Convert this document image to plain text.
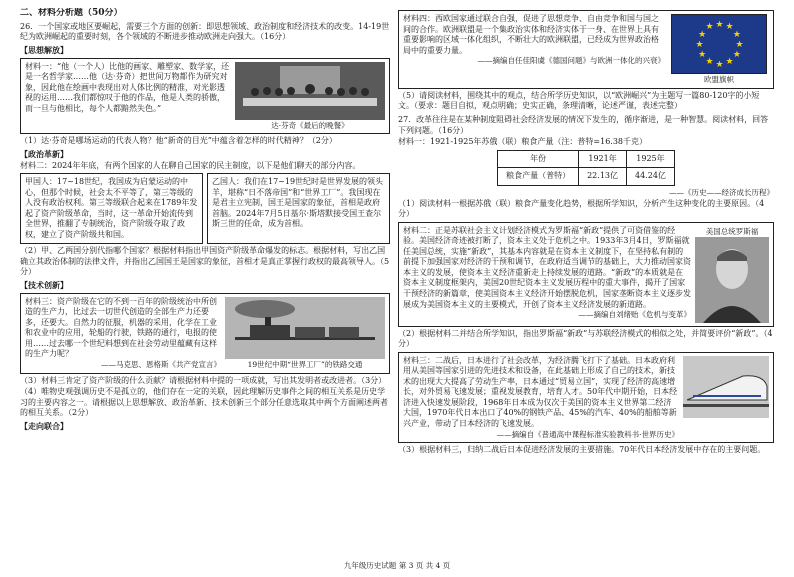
二、材料分析题（50分）

26．一个国家或地区要崛起，需要三个方面的创新：即思想领域、政治制度和经济技术的改变。14-19世纪为欧洲崛起的重要时刻，各个领域的不断进步推动欧洲走向强大。（16分）

【思想解放】
材料一：“他（一个人）比他的画家、雕塑家、数学家，还是一名哲学家……他（达·芬奇）把世间万物都作为研究对象，因此他在绘画中表现出对人体比例的精准，对光影透视的运用……我们都惊叹于他的作品，他是人类的骄傲，而一旦与他相比，每个人都黯然失色。”
达·芬奇《最后的晚餐》

（1）达·芬奇是哪场运动的代表人物？他“新奇的目光”中蕴含着怎样的时代精神？（2分）

【政治革新】

材料二：2024年年底，有两个国家的人在聊自己国家的民主制度，以下是他们聊天的部分内容。

甲国人：17~18世纪，我国成为启蒙运动的中心，但那个时候，社会太不平等了，第三等级的人没有政治权利。第三等级联合起来在1789年发起了资产阶级革命，当时，这一革命开始流传到全世界，推翻了专制统治，资产阶级夺取了政权，建立了资产阶级共和国。
乙国人：我们在17~19世纪时是世界发展的领头羊，堪称“日不落帝国”和“世界工厂”。我国现在是君主立宪制，国王是国家的象征，首相是政府首脑。2024年7月5日基尔·斯塔默接受国王查尔斯三世的任命，成为首相。

（2）甲、乙两国分别代指哪个国家？根据材料指出甲国资产阶级革命爆发的标志。根据材料，写出乙国确立其政治体制的法律文件，并指出乙国国王是国家的象征，首相才是真正掌握行政权的最高领导人。（5分）

【技术创新】
材料三：资产阶级在它的不到一百年的阶级统治中所创造的生产力，比过去一切世代创造的全部生产力还要多，还要大。自然力的征服，机器的采用，化学在工业和农业中的应用，轮船的行驶，铁路的通行，电报的使用……过去哪一个世纪料想到在社会劳动里蕴藏有这样的生产力呢？
——马克思、恩格斯《共产党宣言》	19世纪中期“世界工厂”的铁路交通

（3）材料三肯定了资产阶级的什么贡献？请根据材料中提的一项成就，写出其发明者或改进者。（3分）

（4）唯物史观强调历史不是孤立的，他们存在一定的关联，因此理解历史事件之间的相互关系是历史学习的主要内容之一。请根据以上思想解放、政治革新、技术创新三个部分任意选取其中两个方面阐述两者的相互关系。（2分）

【走向联合】
材料四：西欧国家通过联合自强，促进了思想竞争、自由竞争和国与国之间的合作。欧洲联盟是一个集政治实体和经济实体于一身、在世界上具有重要影响的区域一体化组织，不断壮大的欧洲联盟，已经成为世界政治格局中的重要力量。
——摘编自任佳阳虞《德国问题》与欧洲一体化的兴衰》
★ ★
★
★
★
★
★
★
★
★
★
★
欧盟旗帜

（5）请阅读材料，围绕其中的观点，结合所学历史知识，以“欧洲崛兴”为主题写一篇80-120字的小短文。（要求：题目自拟，观点明确；史实正确，条理清晰，论述严谨，表述完整）

27．改革往往是在某种制度阻碍社会经济发展的情况下发生的，循序渐进，是一种智慧。阅读材料，回答下列问题。（16分）

材料一：1921-1925年苏俄（联）粮食产量（注：普特=16.38千克）

年份	1921年	1925年
粮食产量（普特）	22.13亿	44.24亿
——《历史——经济成长历程》

（1）阅读材料一根据苏俄（联）粮食产量变化趋势，根据所学知识，分析产生这种变化的主要原因。（4分）

材料二：正是苏联社会主义计划经济模式为罗斯福“新政”提供了可资借鉴的经验。美国经济奇迹被打断了，资本主义处于危机之中。1933年3月4日，罗斯福就任美国总统，实施“新政”，其基本内容就是在资本主义制度下，在坚持私有制的前提下加强国家对经济的干预和调节，在政府适当调节的基础上，大力推动国家资本主义的发展，使资本主义经济重新走上持续发展的道路。“新政”的本质就是在资本主义制度框架内，美国20世纪资本主义发展历程中的重大事件，揭开了国家干预经济的新篇章，使美国资本主义经济开始摆脱危机，国家垄断资本主义逐步发展成为美国资本主义的主要模式，开创了资本主义经济发展的新道路。
——摘编自刘绪贻《危机与变革》
美国总统罗斯福

（2）根据材料二并结合所学知识，指出罗斯福“新政”与苏联经济模式的相似之处，并简要评价“新政”。（4分）

材料三：二战后，日本进行了社会改革，为经济腾飞打下了基础。日本政府利用从美国等国家引进的先进技术和设备，在此基础上形成了自己的技术，新技术的出现大大提高了劳动生产率，日本通过“贸易立国”，实现了经济的高速增长，对外贸易飞速发展；重视发展教育，培育人才。50年代中期开始，日本经济进入快速发展阶段，1968年日本成为仅次于美国的资本主义世界第二经济大国，1970年代日本出口了40%的钢铁产品、45%的汽车、40%的船舶等新兴产业，带动了日本经济的飞速发展。
——摘编自《普通高中课程标准实验教科书·世界历史》

（3）根据材料三，归纳二战后日本促进经济发展的主要措施。70年代日本经济发展中存在的主要问题。

九年级历史试题 第 3 页 共 4 页
